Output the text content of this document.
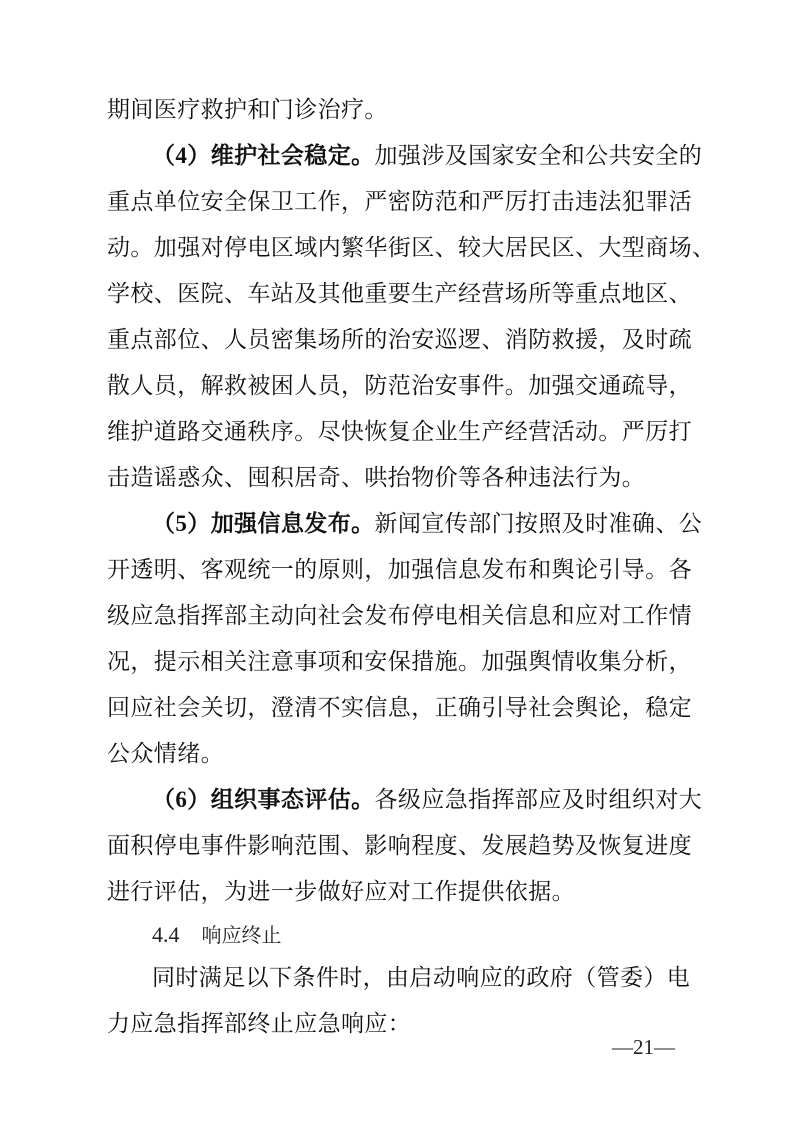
期间医疗救护和门诊治疗。
（4）维护社会稳定。加强涉及国家安全和公共安全的
重点单位安全保卫工作，严密防范和严厉打击违法犯罪活
动。加强对停电区域内繁华街区、较大居民区、大型商场、
学校、医院、车站及其他重要生产经营场所等重点地区、
重点部位、人员密集场所的治安巡逻、消防救援，及时疏
散人员，解救被困人员，防范治安事件。加强交通疏导，
维护道路交通秩序。尽快恢复企业生产经营活动。严厉打
击造谣惑众、囤积居奇、哄抬物价等各种违法行为。
（5）加强信息发布。新闻宣传部门按照及时准确、公
开透明、客观统一的原则，加强信息发布和舆论引导。各
级应急指挥部主动向社会发布停电相关信息和应对工作情
况，提示相关注意事项和安保措施。加强舆情收集分析，
回应社会关切，澄清不实信息，正确引导社会舆论，稳定
公众情绪。
（6）组织事态评估。各级应急指挥部应及时组织对大
面积停电事件影响范围、影响程度、发展趋势及恢复进度
进行评估，为进一步做好应对工作提供依据。
4.4 响应终止
同时满足以下条件时，由启动响应的政府（管委）电
力应急指挥部终止应急响应：
—21—
